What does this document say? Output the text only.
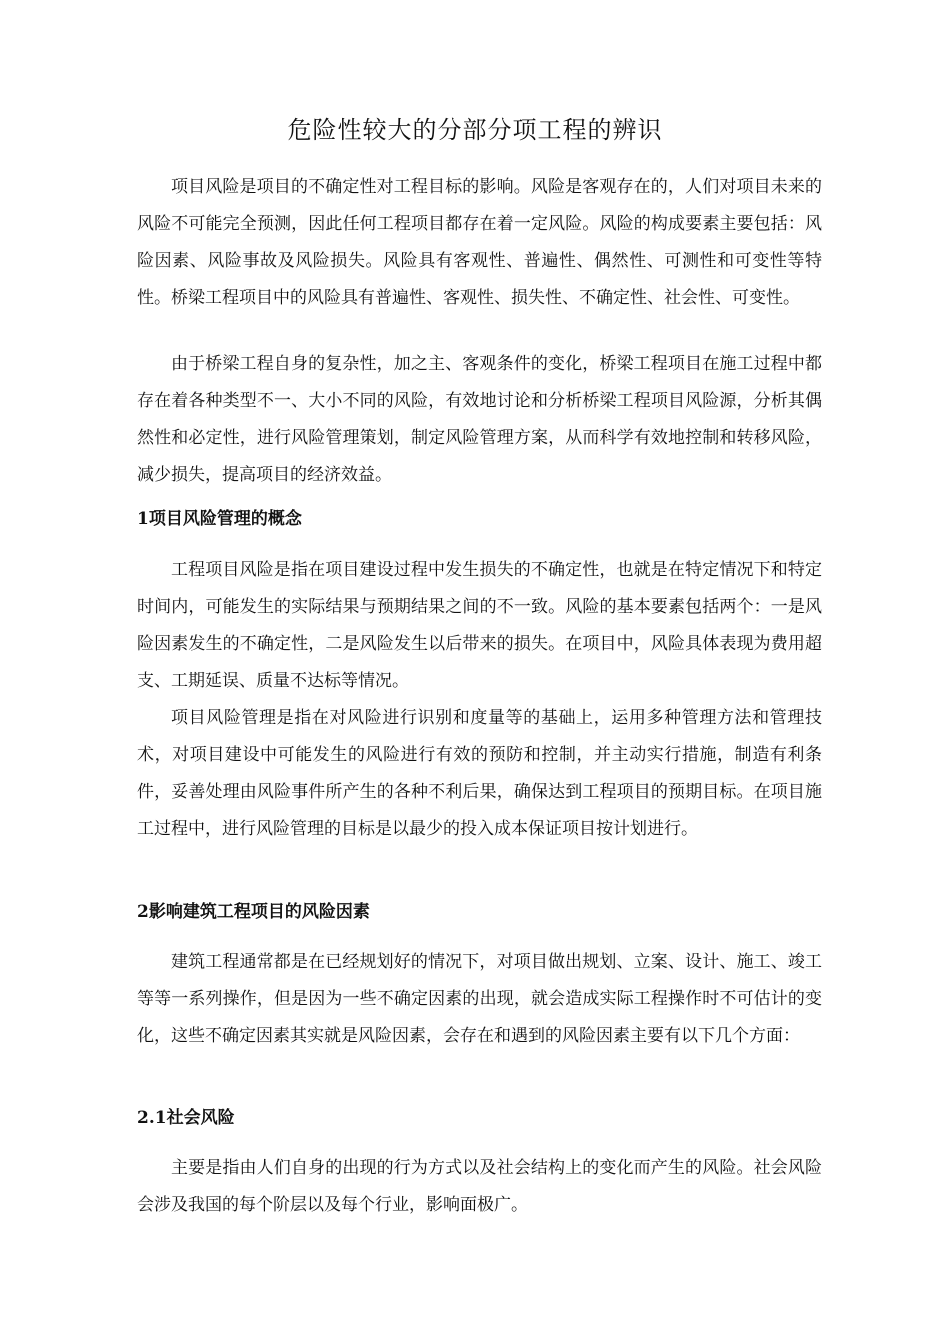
危险性较大的分部分项工程的辨识

项目风险是项目的不确定性对工程目标的影响。风险是客观存在的，人们对项目未来的风险不可能完全预测，因此任何工程项目都存在着一定风险。风险的构成要素主要包括：风险因素、风险事故及风险损失。风险具有客观性、普遍性、偶然性、可测性和可变性等特性。桥梁工程项目中的风险具有普遍性、客观性、损失性、不确定性、社会性、可变性。

由于桥梁工程自身的复杂性，加之主、客观条件的变化，桥梁工程项目在施工过程中都存在着各种类型不一、大小不同的风险，有效地讨论和分析桥梁工程项目风险源，分析其偶然性和必定性，进行风险管理策划，制定风险管理方案，从而科学有效地控制和转移风险，减少损失，提高项目的经济效益。

1项目风险管理的概念

工程项目风险是指在项目建设过程中发生损失的不确定性，也就是在特定情况下和特定时间内，可能发生的实际结果与预期结果之间的不一致。风险的基本要素包括两个：一是风险因素发生的不确定性，二是风险发生以后带来的损失。在项目中，风险具体表现为费用超支、工期延误、质量不达标等情况。

项目风险管理是指在对风险进行识别和度量等的基础上，运用多种管理方法和管理技术，对项目建设中可能发生的风险进行有效的预防和控制，并主动实行措施，制造有利条件，妥善处理由风险事件所产生的各种不利后果，确保达到工程项目的预期目标。在项目施工过程中，进行风险管理的目标是以最少的投入成本保证项目按计划进行。

2影响建筑工程项目的风险因素

建筑工程通常都是在已经规划好的情况下，对项目做出规划、立案、设计、施工、竣工等等一系列操作，但是因为一些不确定因素的出现，就会造成实际工程操作时不可估计的变化，这些不确定因素其实就是风险因素，会存在和遇到的风险因素主要有以下几个方面：

2.1社会风险

主要是指由人们自身的出现的行为方式以及社会结构上的变化而产生的风险。社会风险会涉及我国的每个阶层以及每个行业，影响面极广。
